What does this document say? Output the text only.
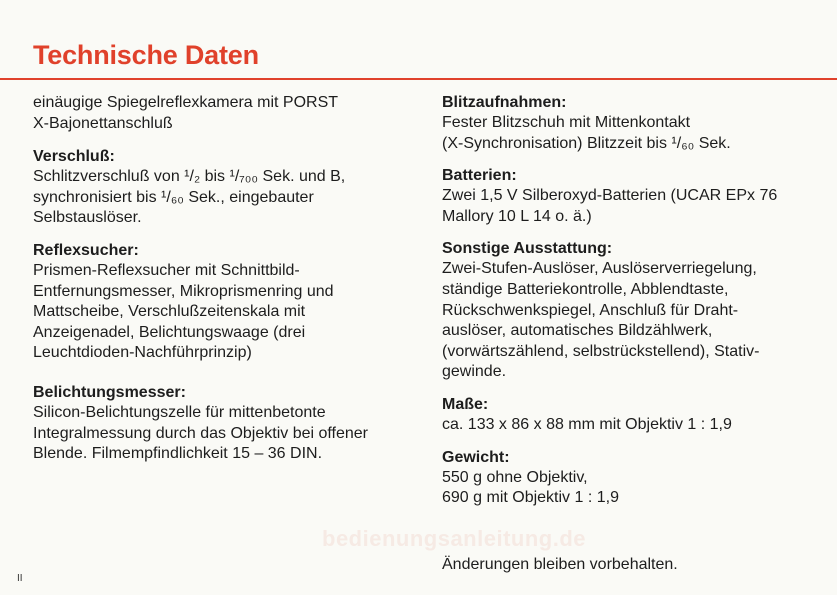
Technische Daten
einäugige Spiegelreflexkamera mit PORST
X-Bajonettanschluß
Verschluß:
Schlitzverschluß von ¹/₂ bis ¹/₇₀₀ Sek. und B,
synchronisiert bis ¹/₆₀ Sek., eingebauter
Selbstauslöser.
Reflexsucher:
Prismen-Reflexsucher mit Schnittbild-
Entfernungsmesser, Mikroprismenring und
Mattscheibe, Verschlußzeitenskala mit
Anzeigenadel, Belichtungswaage (drei
Leuchtdioden-Nachführprinzip)
Belichtungsmesser:
Silicon-Belichtungszelle für mittenbetonte
Integralmessung durch das Objektiv bei offener
Blende. Filmempfindlichkeit 15 – 36 DIN.
Blitzaufnahmen:
Fester Blitzschuh mit Mittenkontakt
(X-Synchronisation) Blitzzeit bis ¹/₆₀ Sek.
Batterien:
Zwei 1,5 V Silberoxyd-Batterien (UCAR EPx 76
Mallory 10 L 14 o. ä.)
Sonstige Ausstattung:
Zwei-Stufen-Auslöser, Auslöserverriegelung,
ständige Batteriekontrolle, Abblendtaste,
Rückschwenkspiegel, Anschluß für Draht-
auslöser, automatisches Bildzählwerk,
(vorwärtszählend, selbstrückstellend), Stativ-
gewinde.
Maße:
ca. 133 x 86 x 88 mm mit Objektiv 1 : 1,9
Gewicht:
550 g ohne Objektiv,
690 g mit Objektiv 1 : 1,9
bedienungsanleitung.de
Änderungen bleiben vorbehalten.
II
